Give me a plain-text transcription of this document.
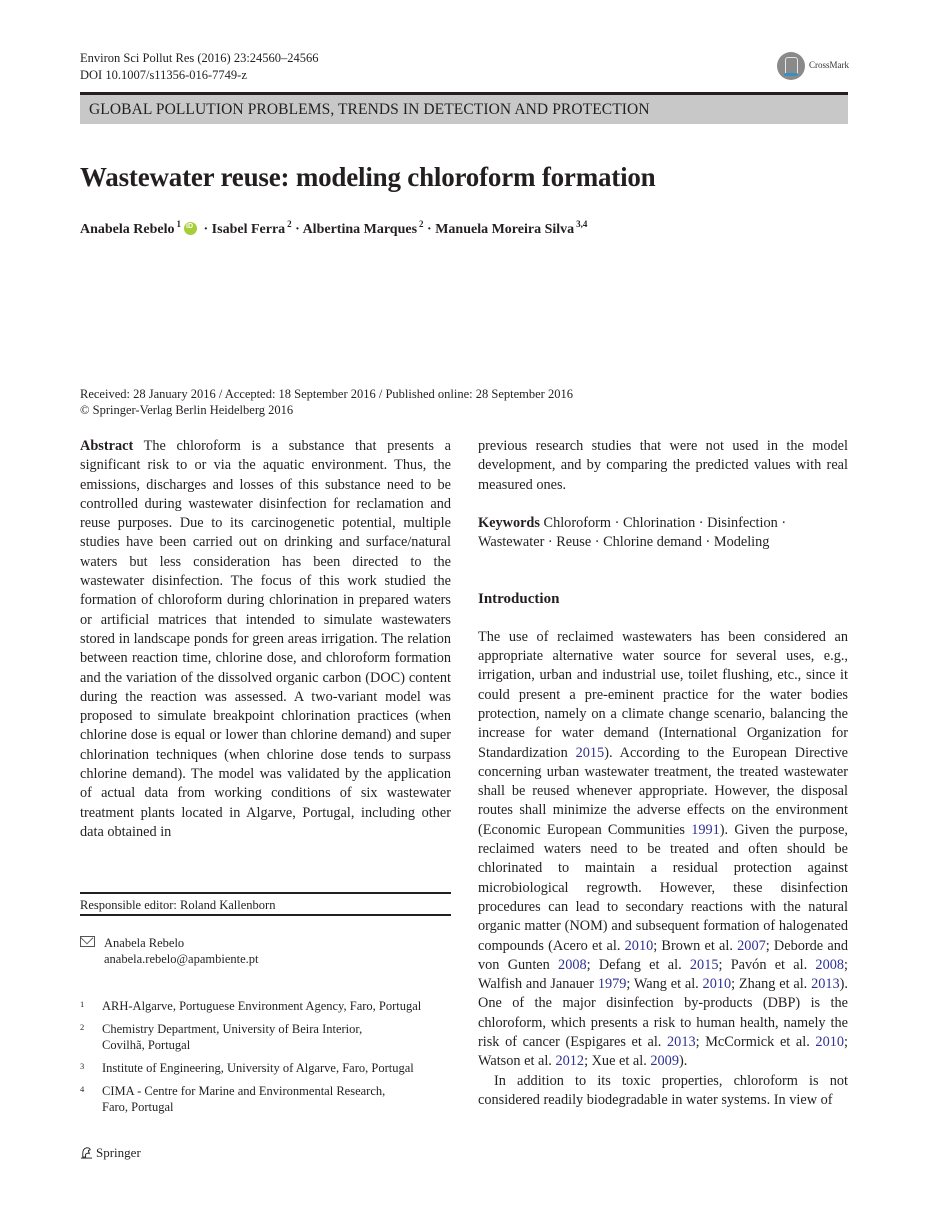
Environ Sci Pollut Res (2016) 23:24560–24566
DOI 10.1007/s11356-016-7749-z
CrossMark
GLOBAL POLLUTION PROBLEMS, TRENDS IN DETECTION AND PROTECTION
Wastewater reuse: modeling chloroform formation
Anabela Rebelo $^1$iD · Isabel Ferra $^2$ · Albertina Marques $^2$ · Manuela Moreira Silva $^{3,4}$
Received: 28 January 2016 / Accepted: 18 September 2016 / Published online: 28 September 2016
© Springer-Verlag Berlin Heidelberg 2016

Abstract The chloroform is a substance that presents a significant risk to or via the aquatic environment. Thus, the emissions, discharges and losses of this substance need to be controlled during wastewater disinfection for reclamation and reuse purposes. Due to its carcinogenetic potential, multiple studies have been carried out on drinking and surface/natural waters but less consideration has been directed to the wastewater disinfection. The focus of this work studied the formation of chloroform during chlorination in prepared waters or artificial matrices that intended to simulate wastewaters stored in landscape ponds for green areas irrigation. The relation between reaction time, chlorine dose, and chloroform formation and the variation of the dissolved organic carbon (DOC) content during the reaction was assessed. A two-variant model was proposed to simulate breakpoint chlorination practices (when chlorine dose is equal or lower than chlorine demand) and super chlorination techniques (when chlorine dose tends to surpass chlorine demand). The model was validated by the application of actual data from working conditions of six wastewater treatment plants located in Algarve, Portugal, including other data obtained in

previous research studies that were not used in the model development, and by comparing the predicted values with real measured ones.

Keywords Chloroform · Chlorination · Disinfection ·
Wastewater · Reuse · Chlorine demand · Modeling
Introduction

The use of reclaimed wastewaters has been considered an appropriate alternative water source for several uses, e.g., irrigation, urban and industrial use, toilet flushing, etc., since it could present a pre-eminent practice for the water bodies protection, namely on a climate change scenario, balancing the increase for water demand (International Organization for Standardization 2015). According to the European Directive concerning urban wastewater treatment, the treated wastewater shall be reused whenever appropriate. However, the disposal routes shall minimize the adverse effects on the environment (Economic European Communities 1991). Given the purpose, reclaimed waters need to be treated and often should be chlorinated to maintain a residual protection against microbiological regrowth. However, these disinfection procedures can lead to secondary reactions with the natural organic matter (NOM) and subsequent formation of halogenated compounds (Acero et al. 2010; Brown et al. 2007; Deborde and von Gunten 2008; Defang et al. 2015; Pavón et al. 2008; Walfish and Janauer 1979; Wang et al. 2010; Zhang et al. 2013). One of the major disinfection by-products (DBP) is the chloroform, which presents a risk to human health, namely the risk of cancer (Espigares et al. 2013; McCormick et al. 2010; Watson et al. 2012; Xue et al. 2009).

In addition to its toxic properties, chloroform is not considered readily biodegradable in water systems. In view of

Responsible editor: Roland Kallenborn
Anabela Rebelo
anabela.rebelo@apambiente.pt
1 ARH-Algarve, Portuguese Environment Agency, Faro, Portugal
2 Chemistry Department, University of Beira Interior,
Covilhã, Portugal
3 Institute of Engineering, University of Algarve, Faro, Portugal
4 CIMA - Centre for Marine and Environmental Research,
Faro, Portugal
Springer
